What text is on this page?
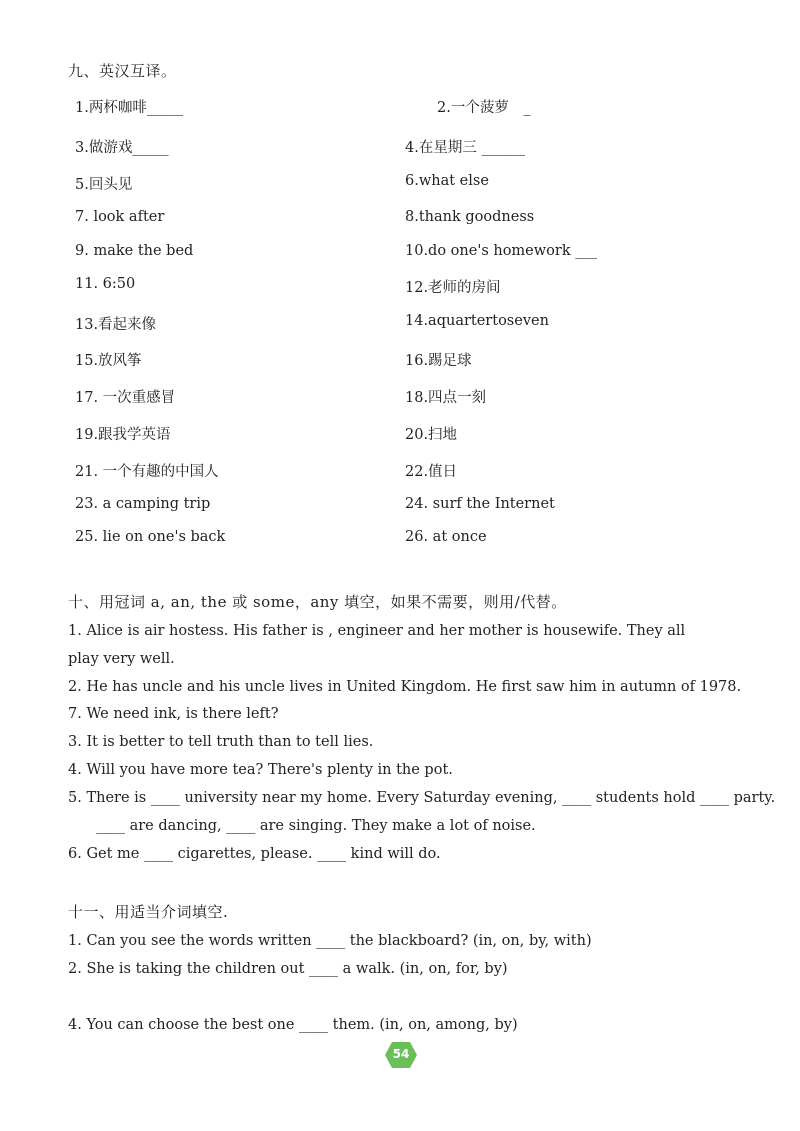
九、英汉互译。
1.两杯咖啡_____	2.一个菠萝　_
3.做游戏_____	4.在星期三 ______
5.回头见	6.what else
7. look after	8.thank goodness
9. make the bed	10.do one's homework ___
11. 6:50	12.老师的房间
13.看起来像	14.aquartertoseven
15.放风筝	16.踢足球
17. 一次重感冒	18.四点一刻
19.跟我学英语	20.扫地
21. 一个有趣的中国人	22.值日
23. a camping trip	24. surf the Internet
25. lie on one's back	26. at once
十、用冠词 a, an, the 或 some，any 填空，如果不需要，则用/代替。
1. Alice is air hostess. His father is , engineer and her mother is housewife. They all
play very well.
2. He has uncle and his uncle lives in United Kingdom. He first saw him in autumn of 1978.
7. We need ink, is there left?
3. It is better to tell truth than to tell lies.
4. Will you have more tea? There's plenty in the pot.
5. There is ____ university near my home. Every Saturday evening, ____ students hold ____ party.
____ are dancing, ____ are singing. They make a lot of noise.
6. Get me ____ cigarettes, please. ____ kind will do.
十一、用适当介词填空.
1. Can you see the words written ____ the blackboard? (in, on, by, with)
2. She is taking the children out ____ a walk. (in, on, for, by)
4. You can choose the best one ____ them. (in, on, among, by)
54
